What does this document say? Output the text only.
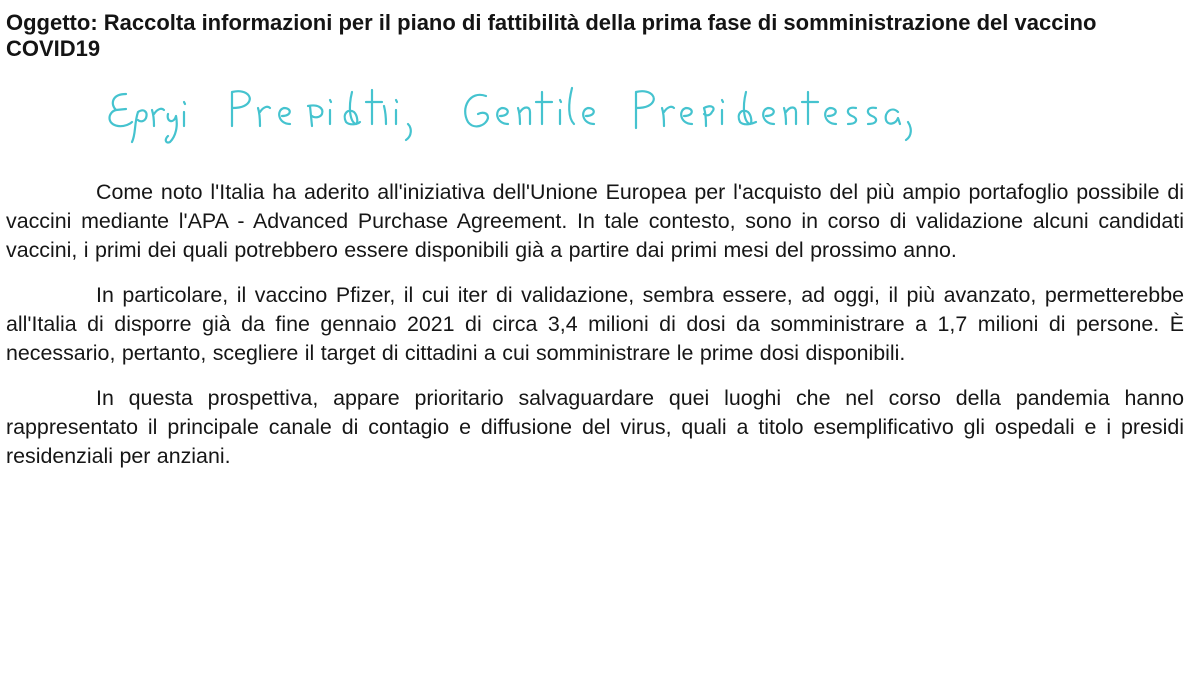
Oggetto: Raccolta informazioni per il piano di fattibilità della prima fase di somministrazione del vaccino COVID19

Come noto l'Italia ha aderito all'iniziativa dell'Unione Europea per l'acquisto del più ampio portafoglio possibile di vaccini mediante l'APA - Advanced Purchase Agreement. In tale contesto, sono in corso di validazione alcuni candidati vaccini, i primi dei quali potrebbero essere disponibili già a partire dai primi mesi del prossimo anno.

In particolare, il vaccino Pfizer, il cui iter di validazione, sembra essere, ad oggi, il più avanzato, permetterebbe all'Italia di disporre già da fine gennaio 2021 di circa 3,4 milioni di dosi da somministrare a 1,7 milioni di persone. È necessario, pertanto, scegliere il target di cittadini a cui somministrare le prime dosi disponibili.

In questa prospettiva, appare prioritario salvaguardare quei luoghi che nel corso della pandemia hanno rappresentato il principale canale di contagio e diffusione del virus, quali a titolo esemplificativo gli ospedali e i presidi residenziali per anziani.
